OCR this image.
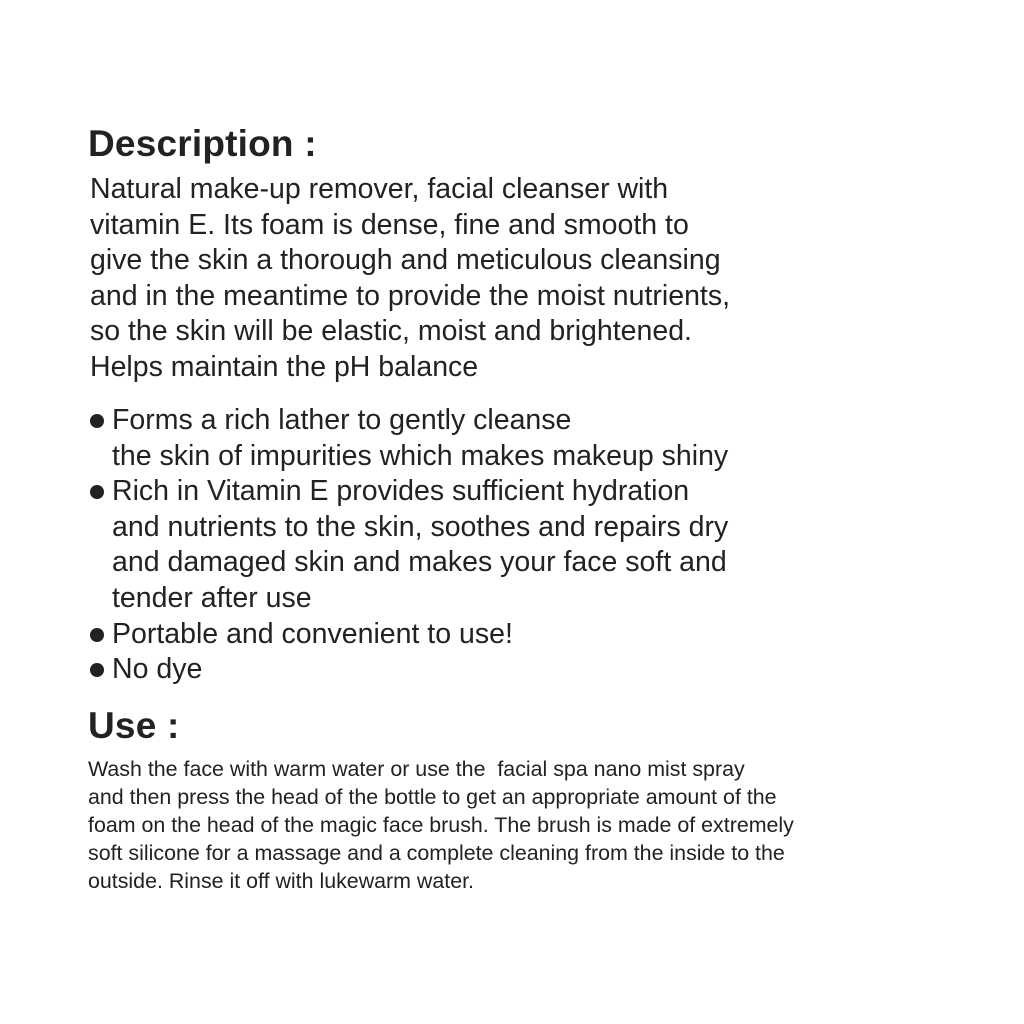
Description :

Natural make-up remover, facial cleanser with
vitamin E. Its foam is dense, fine and smooth to
give the skin a thorough and meticulous cleansing
and in the meantime to provide the moist nutrients,
so the skin will be elastic, moist and brightened.
Helps maintain the pH balance

Forms a rich lather to gently cleanse
the skin of impurities which makes makeup shiny
Rich in Vitamin E provides sufficient hydration
and nutrients to the skin, soothes and repairs dry
and damaged skin and makes your face soft and
tender after use
Portable and convenient to use!
No dye
Use :

Wash the face with warm water or use the  facial spa nano mist spray
and then press the head of the bottle to get an appropriate amount of the
foam on the head of the magic face brush. The brush is made of extremely
soft silicone for a massage and a complete cleaning from the inside to the
outside. Rinse it off with lukewarm water.
